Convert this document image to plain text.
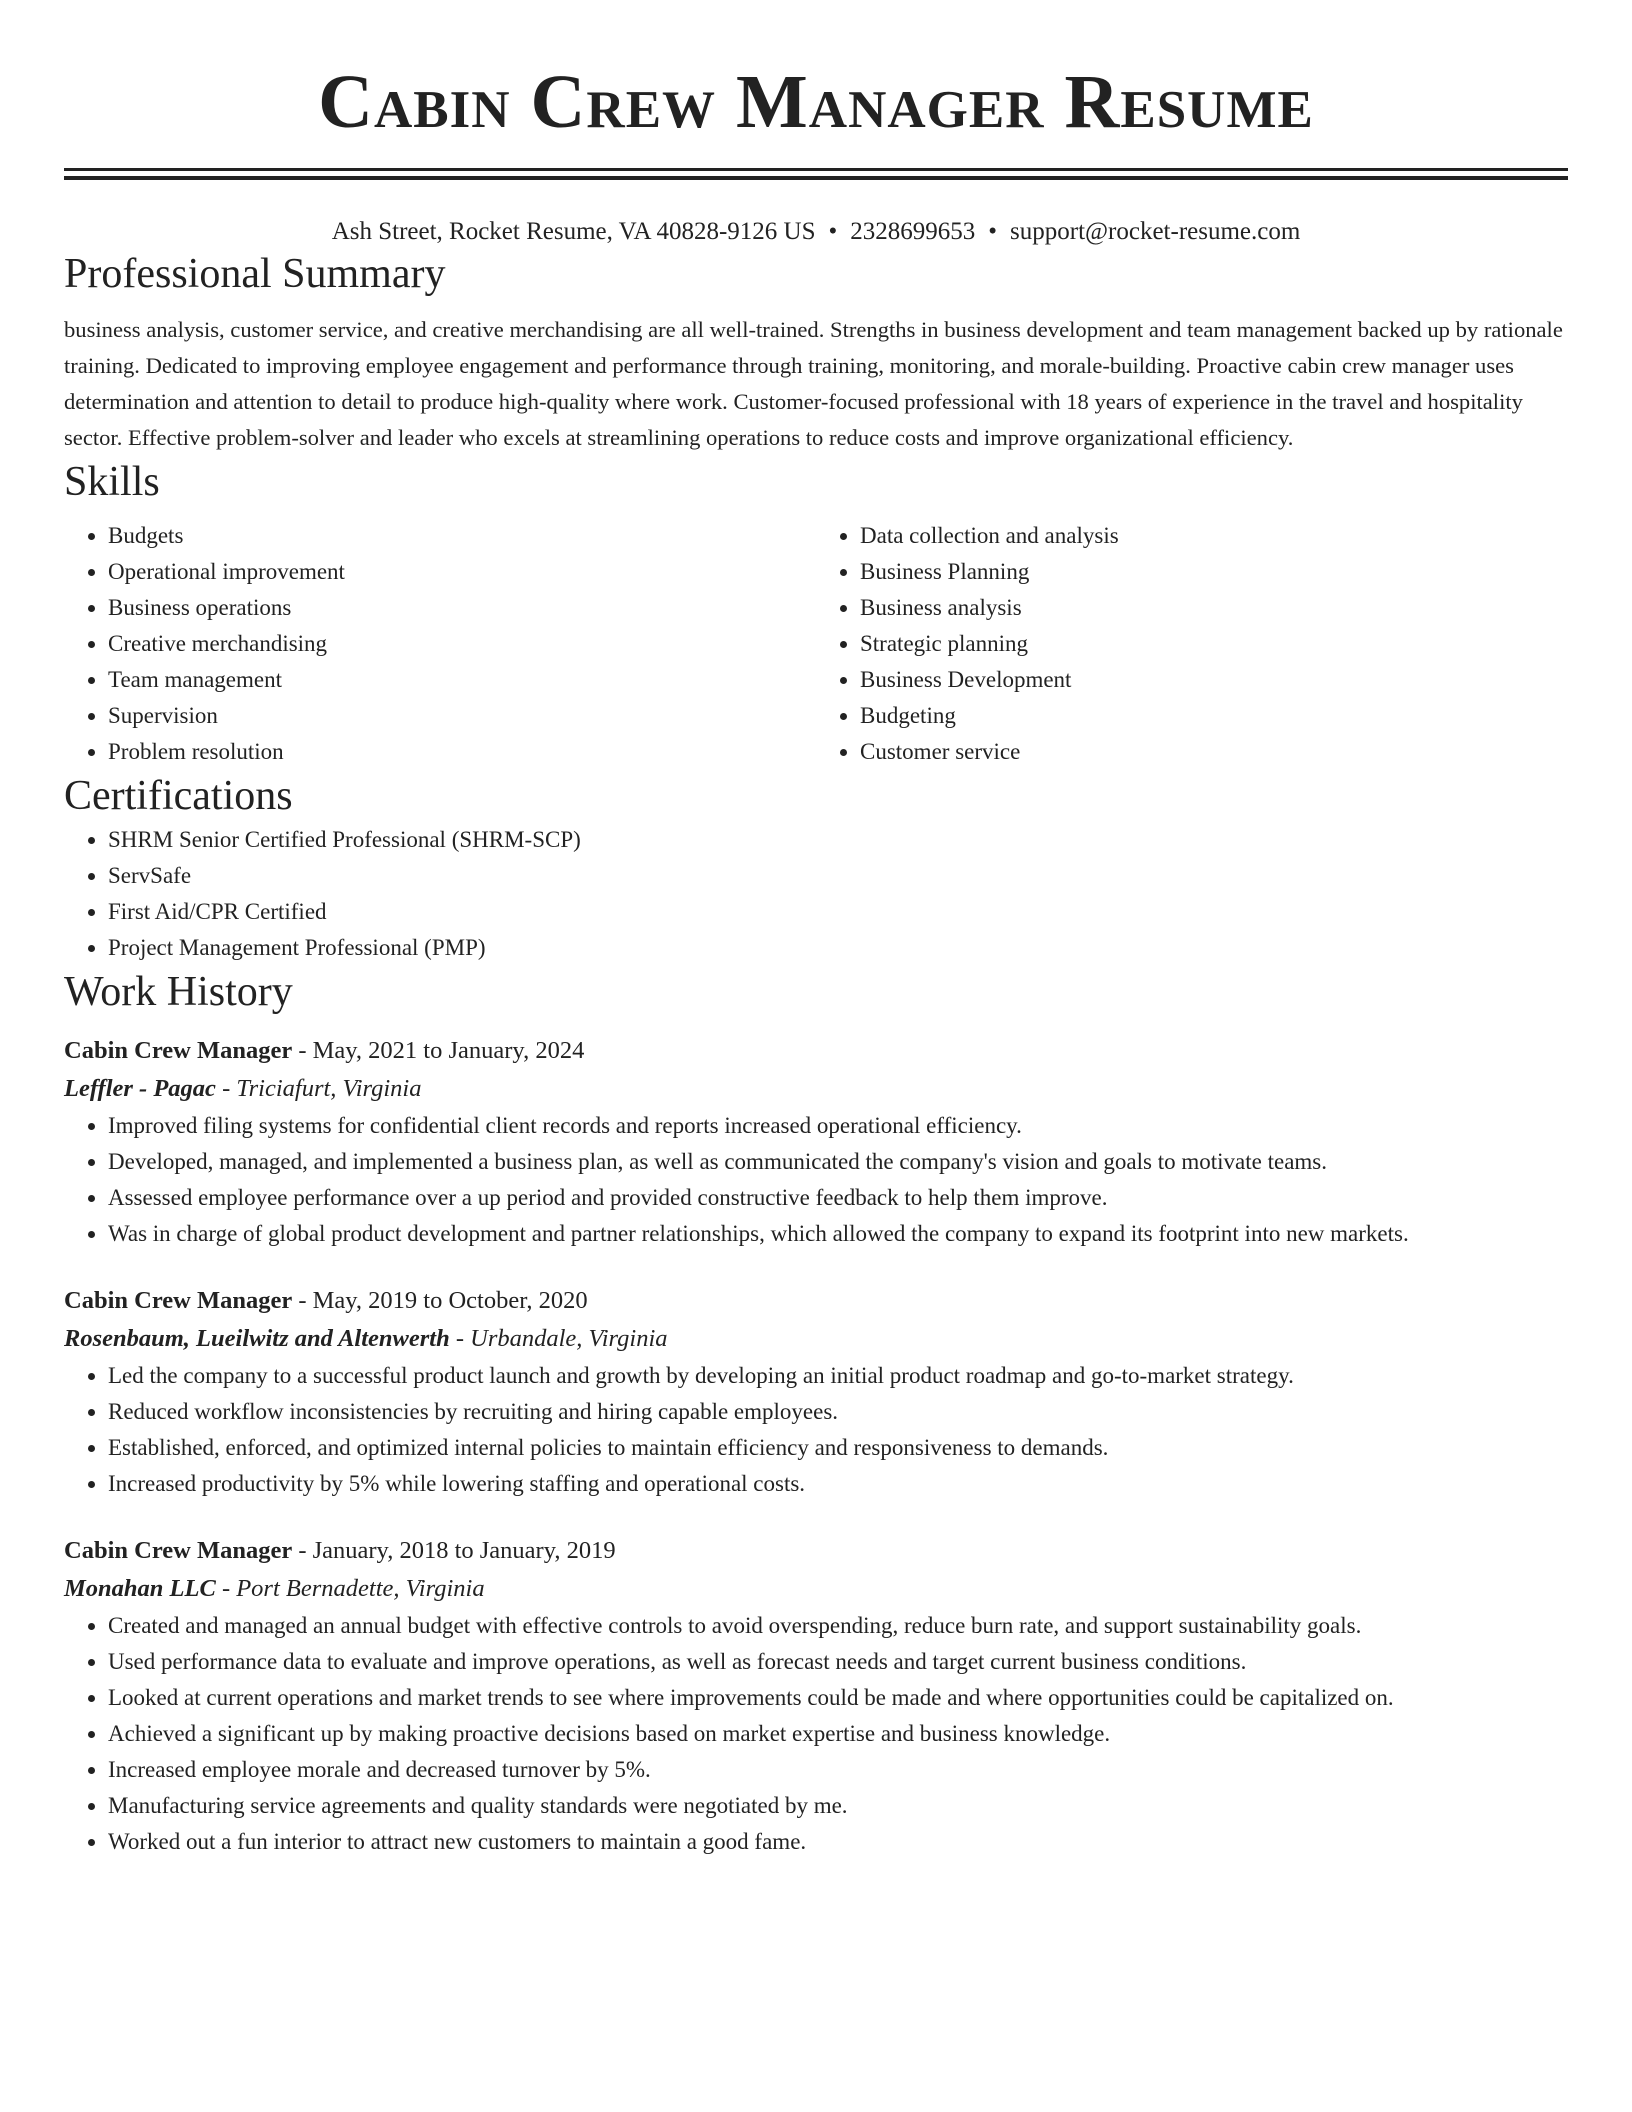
Cabin Crew Manager Resume
Ash Street, Rocket Resume, VA 40828-9126 US • 2328699653 • support@rocket-resume.com
Professional Summary

business analysis, customer service, and creative merchandising are all well-trained. Strengths in business development and team management backed up by rationale training. Dedicated to improving employee engagement and performance through training, monitoring, and morale-building. Proactive cabin crew manager uses determination and attention to detail to produce high-quality where work. Customer-focused professional with 18 years of experience in the travel and hospitality sector. Effective problem-solver and leader who excels at streamlining operations to reduce costs and improve organizational efficiency.

Skills
• Budgets
• Operational improvement
• Business operations
• Creative merchandising
• Team management
• Supervision
• Problem resolution
• Data collection and analysis
• Business Planning
• Business analysis
• Strategic planning
• Business Development
• Budgeting
• Customer service
Certifications
• SHRM Senior Certified Professional (SHRM-SCP)
• ServSafe
• First Aid/CPR Certified
• Project Management Professional (PMP)
Work History
Cabin Crew Manager - May, 2021 to January, 2024
Leffler - Pagac - Triciafurt, Virginia
• Improved filing systems for confidential client records and reports increased operational efficiency.
• Developed, managed, and implemented a business plan, as well as communicated the company's vision and goals to motivate teams.
• Assessed employee performance over a up period and provided constructive feedback to help them improve.
• Was in charge of global product development and partner relationships, which allowed the company to expand its footprint into new markets.
Cabin Crew Manager - May, 2019 to October, 2020
Rosenbaum, Lueilwitz and Altenwerth - Urbandale, Virginia
• Led the company to a successful product launch and growth by developing an initial product roadmap and go-to-market strategy.
• Reduced workflow inconsistencies by recruiting and hiring capable employees.
• Established, enforced, and optimized internal policies to maintain efficiency and responsiveness to demands.
• Increased productivity by 5% while lowering staffing and operational costs.
Cabin Crew Manager - January, 2018 to January, 2019
Monahan LLC - Port Bernadette, Virginia
• Created and managed an annual budget with effective controls to avoid overspending, reduce burn rate, and support sustainability goals.
• Used performance data to evaluate and improve operations, as well as forecast needs and target current business conditions.
• Looked at current operations and market trends to see where improvements could be made and where opportunities could be capitalized on.
• Achieved a significant up by making proactive decisions based on market expertise and business knowledge.
• Increased employee morale and decreased turnover by 5%.
• Manufacturing service agreements and quality standards were negotiated by me.
• Worked out a fun interior to attract new customers to maintain a good fame.
